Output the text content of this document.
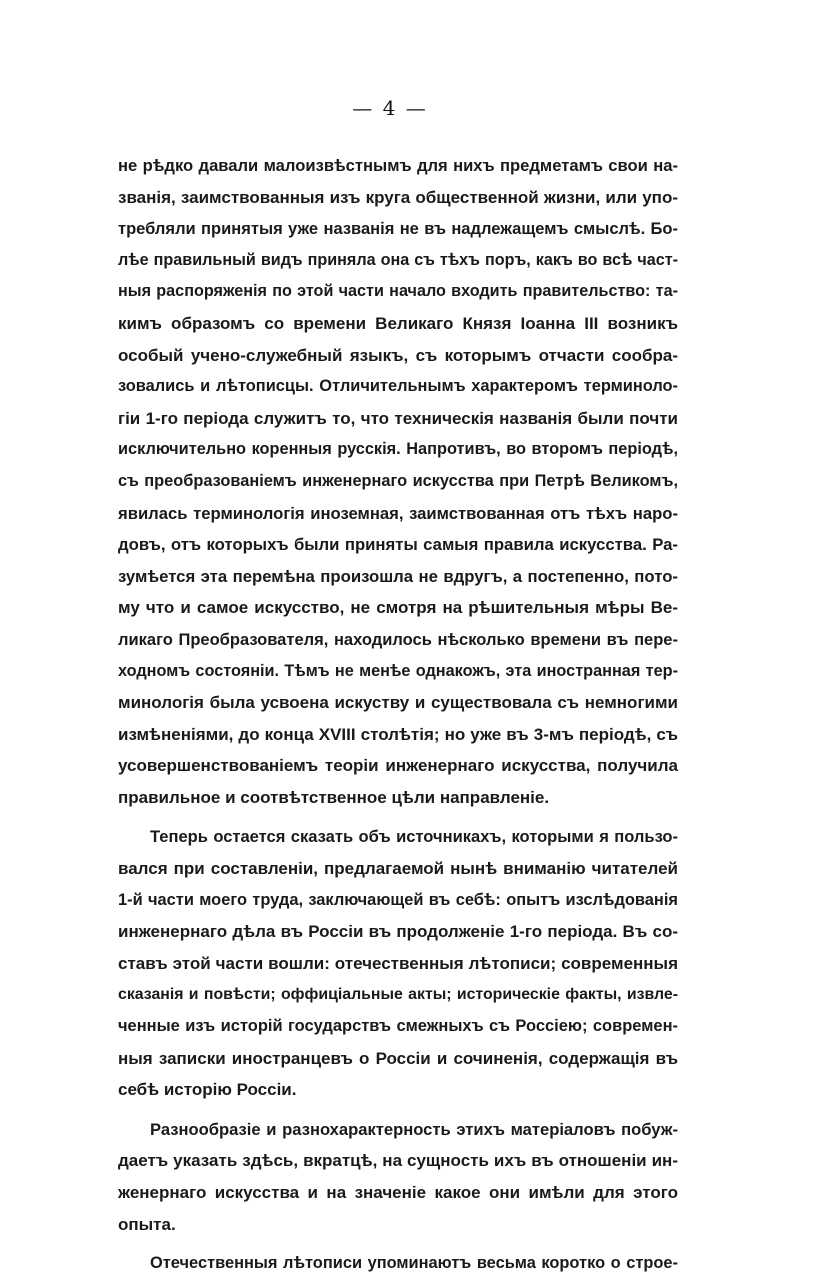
— 4 —
не рѣдко давали малоизвѣстнымъ для нихъ предметамъ свои на-
званія, заимствованныя изъ круга общественной жизни, или упо-
требляли принятыя уже названія не въ надлежащемъ смыслѣ. Бо-
лѣе правильный видъ приняла она съ тѣхъ поръ, какъ во всѣ част-
ныя распоряженія по этой части начало входить правительство: та-
кимъ образомъ со времени Великаго Князя Іоанна III возникъ
особый учено-служебный языкъ, съ которымъ отчасти сообра-
зовались и лѣтописцы. Отличительнымъ характеромъ терминоло-
гіи 1-го періода служитъ то, что техническія названія были почти
исключительно коренныя русскія. Напротивъ, во второмъ періодѣ,
съ преобразованіемъ инженернаго искусства при Петрѣ Великомъ,
явилась терминологія иноземная, заимствованная отъ тѣхъ наро-
довъ, отъ которыхъ были приняты самыя правила искусства. Ра-
зумѣется эта перемѣна произошла не вдругъ, а постепенно, пото-
му что и самое искусство, не смотря на рѣшительныя мѣры Ве-
ликаго Преобразователя, находилось нѣсколько времени въ пере-
ходномъ состояніи. Тѣмъ не менѣе однакожъ, эта иностранная тер-
минологія была усвоена искуству и существовала съ немногими
измѣненіями, до конца XVIII столѣтія; но уже въ 3-мъ періодѣ, съ
усовершенствованіемъ теоріи инженернаго искусства, получила
правильное и соотвѣтственное цѣли направленіе.
Теперь остается сказать объ источникахъ, которыми я пользо-
вался при составленіи, предлагаемой нынѣ вниманію читателей
1-й части моего труда, заключающей въ себѣ: опытъ изслѣдованія
инженернаго дѣла въ Россіи въ продолженіе 1-го періода. Въ со-
ставъ этой части вошли: отечественныя лѣтописи; современныя
сказанія и повѣсти; оффиціальные акты; историческіе факты, извле-
ченные изъ исторій государствъ смежныхъ съ Россіею; современ-
ныя записки иностранцевъ о Россіи и сочиненія, содержащія въ
себѣ исторію Россіи.
Разнообразіе и разнохарактерность этихъ матеріаловъ побуж-
даетъ указать здѣсь, вкратцѣ, на сущность ихъ въ отношеніи ин-
женернаго искусства и на значеніе какое они имѣли для этого
опыта.
Отечественныя лѣтописи упоминаютъ весьма коротко о строе-
